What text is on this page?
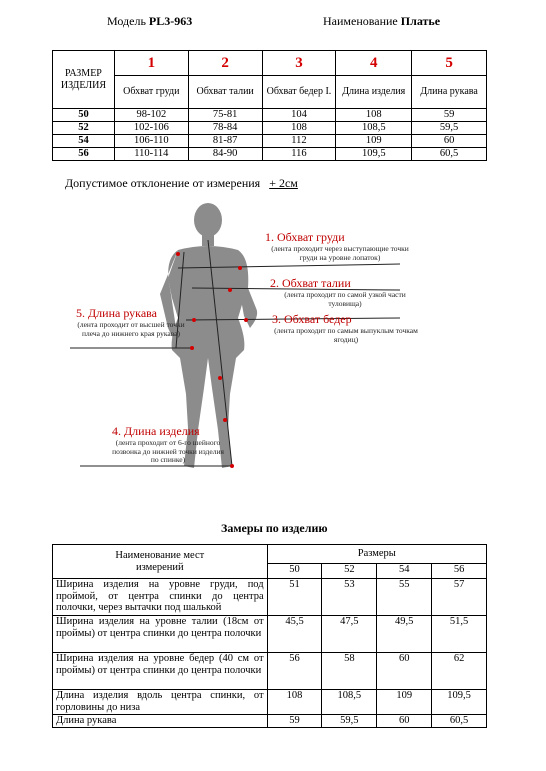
Модель PL3-963	Наименование Платье
РАЗМЕР ИЗДЕЛИЯ	1	2	3	4	5
	Обхват груди	Обхват талии	Обхват бедер I.	Длина изделия	Длина рукава
50	98-102	75-81	104	108	59
52	102-106	78-84	108	108,5	59,5
54	106-110	81-87	112	109	60
56	110-114	84-90	116	109,5	60,5
Допустимое отклонение от измерения + 2см
1. Обхват груди
(лента проходит через выступающие точки груди на уровне лопаток)
2. Обхват талии
(лента проходит по самой узкой части туловища)
3. Обхват бедер
(лента проходит по самым выпуклым точкам ягодиц)
5. Длина рукава
(лента проходит от высшей точки плеча до нижнего края рукава)
4. Длина изделия
(лента проходит от 6-го шейного позвонка до нижней точки изделия по спинке)
Замеры по изделию
Наименование мест измерений	Размеры			
	50	52	54	56
Ширина изделия на уровне груди, под проймой, от центра спинки до центра полочки, через вытачки под шалькой	51	53	55	57
Ширина изделия на уровне талии (18см от проймы) от центра спинки до центра полочки	45,5	47,5	49,5	51,5
Ширина изделия на уровне бедер (40 см от проймы) от центра спинки до центра полочки	56	58	60	62
Длина изделия вдоль центра спинки, от горловины до низа	108	108,5	109	109,5
Длина рукава	59	59,5	60	60,5
